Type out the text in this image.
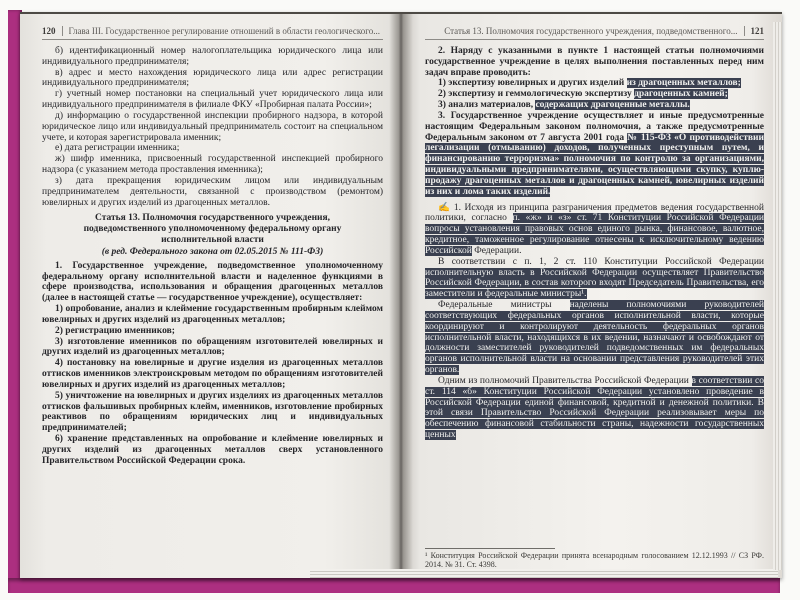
120 Глава III. Государственное регулирование отношений в области геологического...

б) идентификационный номер налогоплательщика юридического лица или индивидуального предпринимателя;

в) адрес и место нахождения юридического лица или адрес регистрации индивидуального предпринимателя;

г) учетный номер постановки на специальный учет юридического лица или индивидуального предпринимателя в филиале ФКУ «Пробирная палата России»;

д) информацию о государственной инспекции пробирного надзора, в которой юридическое лицо или индивидуальный предприниматель состоит на специальном учете, и которая зарегистрировала именник;

е) дата регистрации именника;

ж) шифр именника, присвоенный государственной инспекцией пробирного надзора (с указанием метода проставления именника);

з) дата прекращения юридическим лицом или индивидуальным предпринимателем деятельности, связанной с производством (ремонтом) ювелирных и других изделий из драгоценных металлов.

Статья 13. Полномочия государственного учреждения, подведомственного уполномоченному федеральному органу исполнительной власти

(в ред. Федерального закона от 02.05.2015 № 111-ФЗ)

1. Государственное учреждение, подведомственное уполномоченному федеральному органу исполнительной власти и наделенное функциями в сфере производства, использования и обращения драгоценных металлов (далее в настоящей статье — государственное учреждение), осуществляет:

1) опробование, анализ и клеймение государственным пробирным клеймом ювелирных и других изделий из драгоценных металлов;

2) регистрацию именников;

3) изготовление именников по обращениям изготовителей ювелирных и других изделий из драгоценных металлов;

4) постановку на ювелирные и другие изделия из драгоценных металлов оттисков именников электроискровым методом по обращениям изготовителей ювелирных и других изделий из драгоценных металлов;

5) уничтожение на ювелирных и других изделиях из драгоценных металлов оттисков фальшивых пробирных клейм, именников, изготовление пробирных реактивов по обращениям юридических лиц и индивидуальных предпринимателей;

6) хранение представленных на опробование и клеймение ювелирных и других изделий из драгоценных металлов сверх установленного Правительством Российской Федерации срока.

Статья 13. Полномочия государственного учреждения, подведомственного... 121

2. Наряду с указанными в пункте 1 настоящей статьи полномочиями государственное учреждение в целях выполнения поставленных перед ним задач вправе проводить:

1) экспертизу ювелирных и других изделий из драгоценных металлов;

2) экспертизу и геммологическую экспертизу драгоценных камней;

3) анализ материалов, содержащих драгоценные металлы.

3. Государственное учреждение осуществляет и иные предусмотренные настоящим Федеральным законом полномочия, а также предусмотренные Федеральным законом от 7 августа 2001 года № 115-ФЗ «О противодействии легализации (отмыванию) доходов, полученных преступным путем, и финансированию терроризма» полномочия по контролю за организациями, индивидуальными предпринимателями, осуществляющими скупку, куплю-продажу драгоценных металлов и драгоценных камней, ювелирных изделий из них и лома таких изделий.

✍ 1. Исходя из принципа разграничения предметов ведения государственной политики, согласно п. «ж» и «з» ст. 71 Конституции Российской Федерации вопросы установления правовых основ единого рынка, финансовое, валютное, кредитное, таможенное регулирование отнесены к исключительному ведению Российской Федерации.

В соответствии с п. 1, 2 ст. 110 Конституции Российской Федерации исполнительную власть в Российской Федерации осуществляет Правительство Российской Федерации, в состав которого входят Председатель Правительства, его заместители и федеральные министры¹.

Федеральные министры наделены полномочиями руководителей соответствующих федеральных органов исполнительной власти, которые координируют и контролируют деятельность федеральных органов исполнительной власти, находящихся в их ведении, назначают и освобождают от должности заместителей руководителей подведомственных им федеральных органов исполнительной власти на основании представления руководителей этих органов.

Одним из полномочий Правительства Российской Федерации в соответствии со ст. 114 «б» Конституции Российской Федерации установлено проведение в Российской Федерации единой финансовой, кредитной и денежной политики. В этой связи Правительство Российской Федерации реализовывает меры по обеспечению финансовой стабильности страны, надежности государственных ценных

¹ Конституция Российской Федерации принята всенародным голосованием 12.12.1993 // СЗ РФ. 2014. № 31. Ст. 4398.
